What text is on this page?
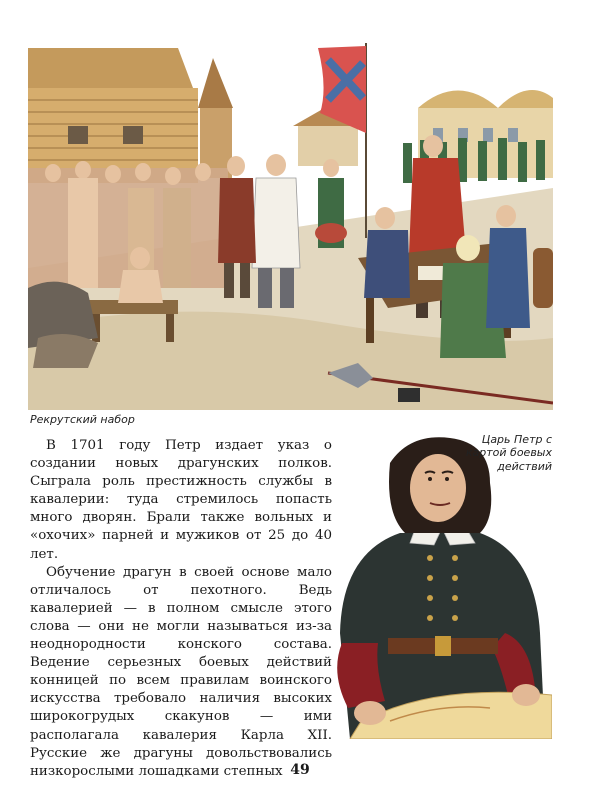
Рекрутский набор

В 1701 году Петр издает указ о создании новых драгунских полков. Сыграла роль престижность службы в кавалерии: туда стремилось попасть много дворян. Брали также вольных и «охочих» парней и мужиков от 25 до 40 лет.

Обучение драгун в своей основе мало отличалось от пехотного. Ведь кавалерией — в полном смысле этого слова — они не могли называться из-за неоднородности конского состава. Ведение серьезных боевых действий конницей по всем правилам воинского искусства требовало наличия высоких широкогрудых скакунов — ими располагала кавалерия Карла XII. Русские же драгуны довольствовались низкорослыми лошадками степных

Царь Петр с картой боевых действий
49
